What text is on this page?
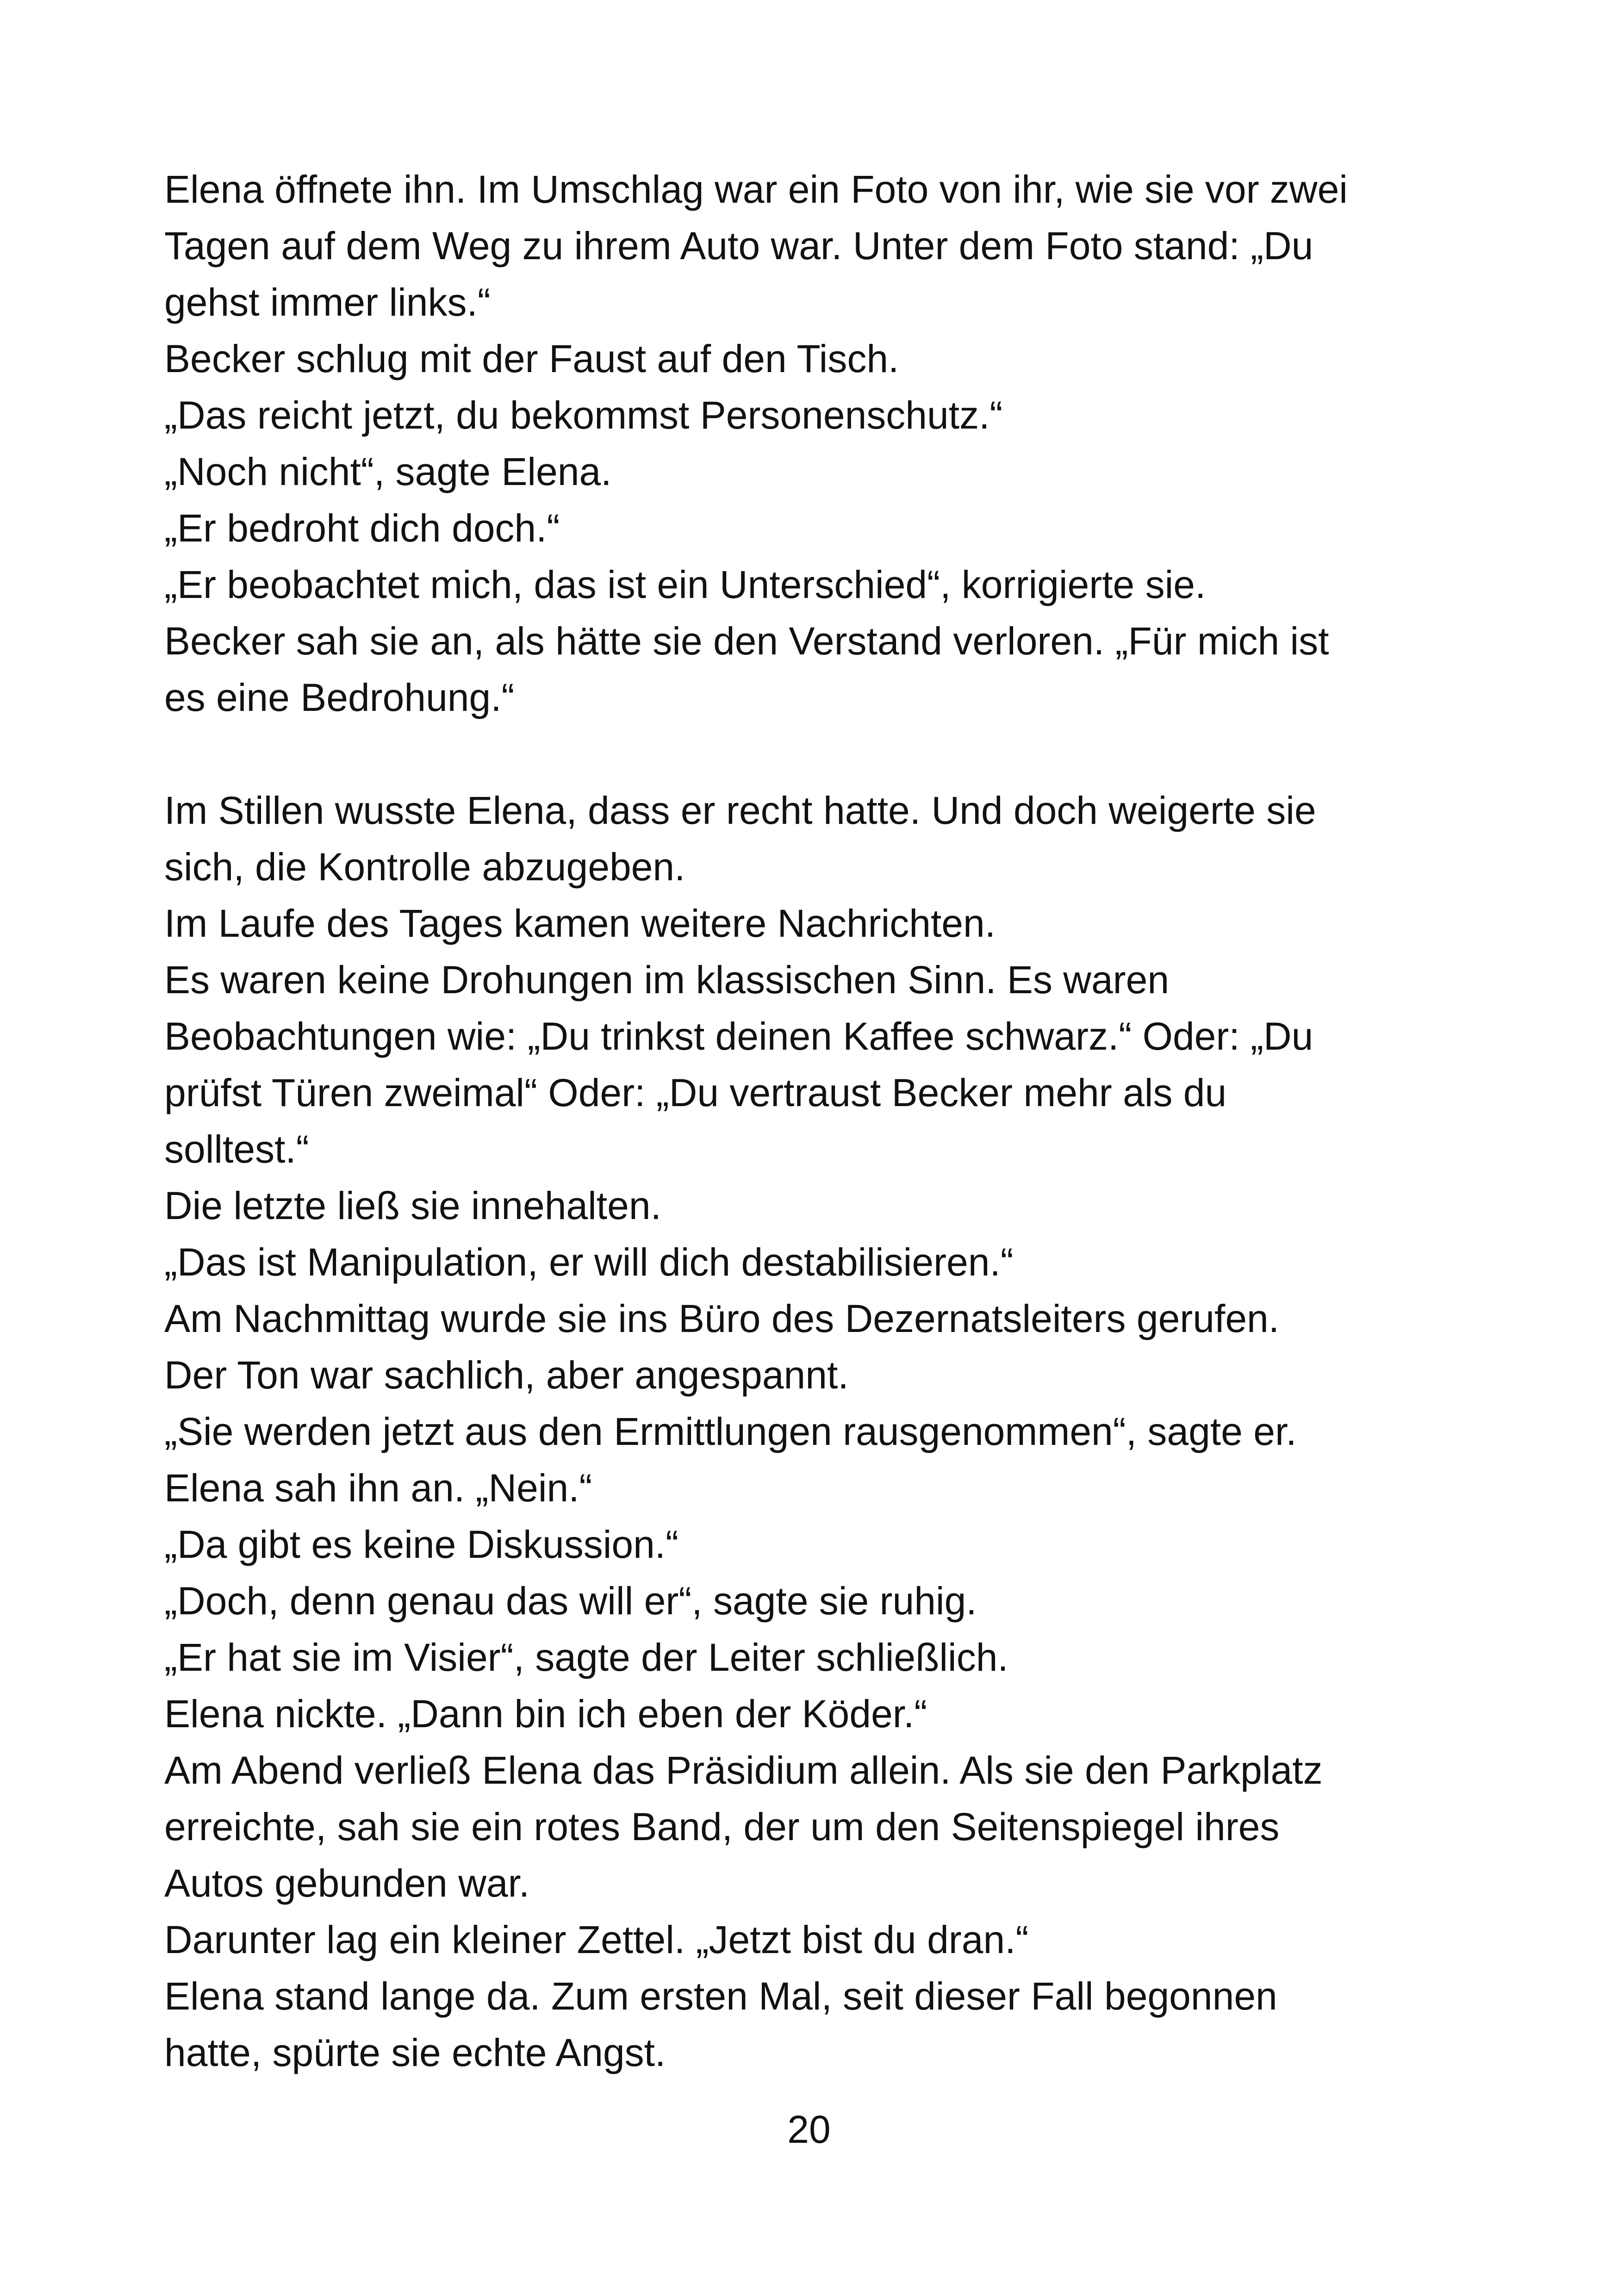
Elena öffnete ihn. Im Umschlag war ein Foto von ihr, wie sie vor zwei
Tagen auf dem Weg zu ihrem Auto war. Unter dem Foto stand: „Du
gehst immer links.“
Becker schlug mit der Faust auf den Tisch.
„Das reicht jetzt, du bekommst Personenschutz.“
„Noch nicht“, sagte Elena.
„Er bedroht dich doch.“
„Er beobachtet mich, das ist ein Unterschied“, korrigierte sie.
Becker sah sie an, als hätte sie den Verstand verloren. „Für mich ist
es eine Bedrohung.“
Im Stillen wusste Elena, dass er recht hatte. Und doch weigerte sie
sich, die Kontrolle abzugeben.
Im Laufe des Tages kamen weitere Nachrichten.
Es waren keine Drohungen im klassischen Sinn. Es waren
Beobachtungen wie: „Du trinkst deinen Kaffee schwarz.“ Oder: „Du
prüfst Türen zweimal“ Oder: „Du vertraust Becker mehr als du
solltest.“
Die letzte ließ sie innehalten.
„Das ist Manipulation, er will dich destabilisieren.“
Am Nachmittag wurde sie ins Büro des Dezernatsleiters gerufen.
Der Ton war sachlich, aber angespannt.
„Sie werden jetzt aus den Ermittlungen rausgenommen“, sagte er.
Elena sah ihn an. „Nein.“
„Da gibt es keine Diskussion.“
„Doch, denn genau das will er“, sagte sie ruhig.
„Er hat sie im Visier“, sagte der Leiter schließlich.
Elena nickte. „Dann bin ich eben der Köder.“
Am Abend verließ Elena das Präsidium allein. Als sie den Parkplatz
erreichte, sah sie ein rotes Band, der um den Seitenspiegel ihres
Autos gebunden war.
Darunter lag ein kleiner Zettel. „Jetzt bist du dran.“
Elena stand lange da. Zum ersten Mal, seit dieser Fall begonnen
hatte, spürte sie echte Angst.
20
